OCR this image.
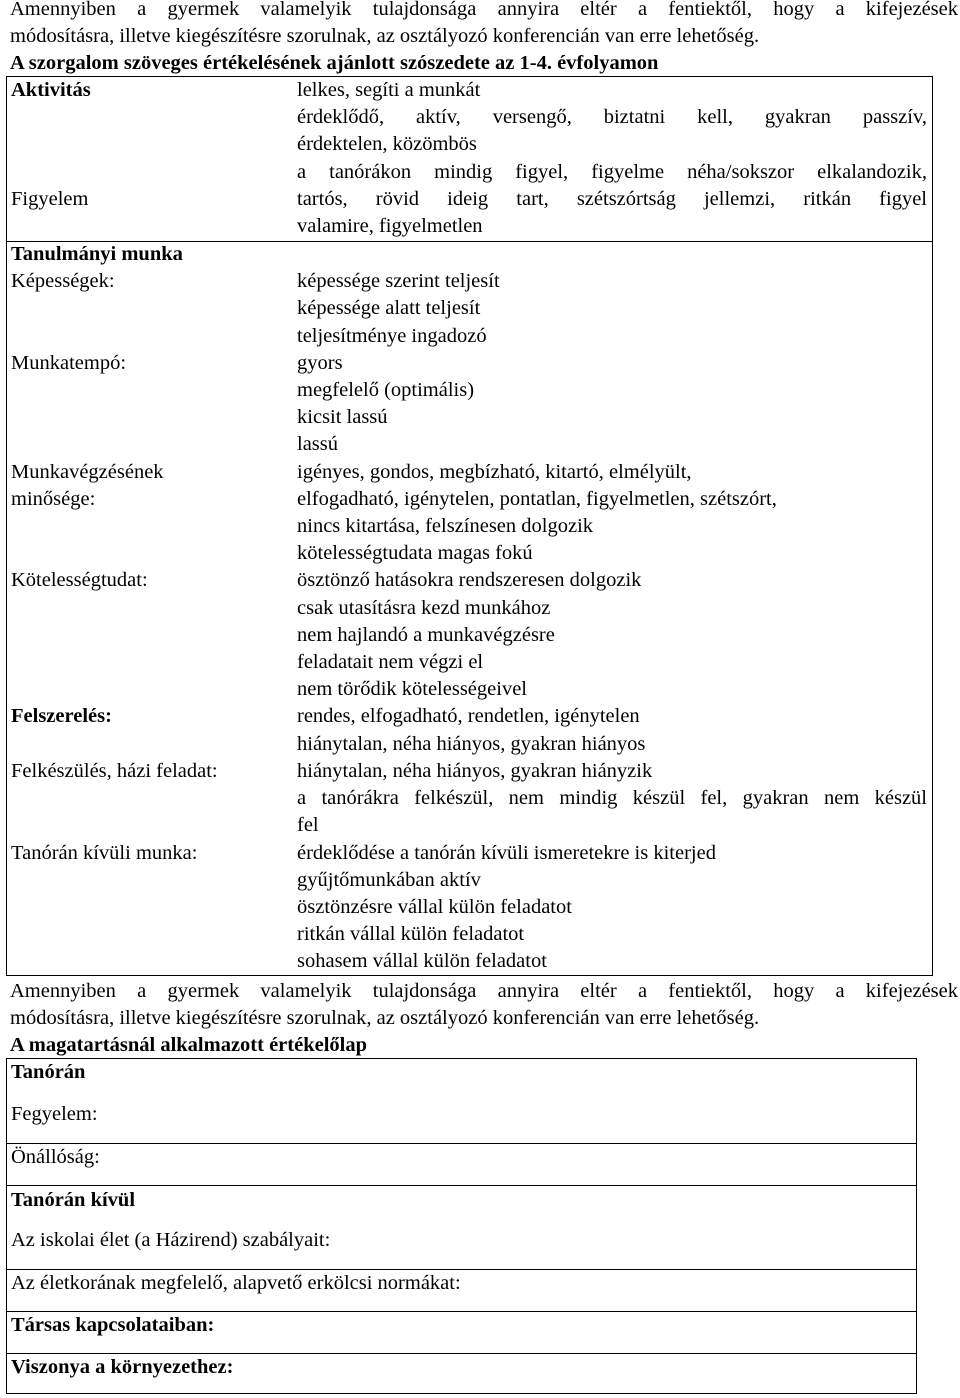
Amennyiben a gyermek valamelyik tulajdonsága annyira eltér a fentiektől, hogy a kifejezések
módosításra, illetve kiegészítésre szorulnak, az osztályozó konferencián van erre lehetőség.
A szorgalom szöveges értékelésének ajánlott szószedete az 1-4. évfolyamon
Aktivitás	lelkes, segíti a munkát
érdeklődő, aktív, versengő, biztatni kell, gyakran passzív,
érdektelen, közömbös
a tanórákon mindig figyel, figyelme néha/sokszor elkalandozik,
Figyelem	tartós, rövid ideig tart, szétszórtság jellemzi, ritkán figyel
valamire, figyelmetlen
Tanulmányi munka
Képességek:
Munkatempó:
Munkavégzésének
minősége:
Kötelességtudat:
Felszerelés:
Felkészülés, házi feladat:
Tanórán kívüli munka:
képessége szerint teljesít
képessége alatt teljesít
teljesítménye ingadozó
gyors
megfelelő (optimális)
kicsit lassú
lassú
igényes, gondos, megbízható, kitartó, elmélyült,
elfogadható, igénytelen, pontatlan, figyelmetlen, szétszórt,
nincs kitartása, felszínesen dolgozik
kötelességtudata magas fokú
ösztönző hatásokra rendszeresen dolgozik
csak utasításra kezd munkához
nem hajlandó a munkavégzésre
feladatait nem végzi el
nem törődik kötelességeivel
rendes, elfogadható, rendetlen, igénytelen
hiánytalan, néha hiányos, gyakran hiányos
hiánytalan, néha hiányos, gyakran hiányzik
a tanórákra felkészül, nem mindig készül fel, gyakran nem készül
fel
érdeklődése a tanórán kívüli ismeretekre is kiterjed
gyűjtőmunkában aktív
ösztönzésre vállal külön feladatot
ritkán vállal külön feladatot
sohasem vállal külön feladatot
Amennyiben a gyermek valamelyik tulajdonsága annyira eltér a fentiektől, hogy a kifejezések
módosításra, illetve kiegészítésre szorulnak, az osztályozó konferencián van erre lehetőség.
A magatartásnál alkalmazott értékelőlap
Tanórán
Fegyelem:
Önállóság:
Tanórán kívül
Az iskolai élet (a Házirend) szabályait:
Az életkorának megfelelő, alapvető erkölcsi normákat:
Társas kapcsolataiban:
Viszonya a környezethez:
